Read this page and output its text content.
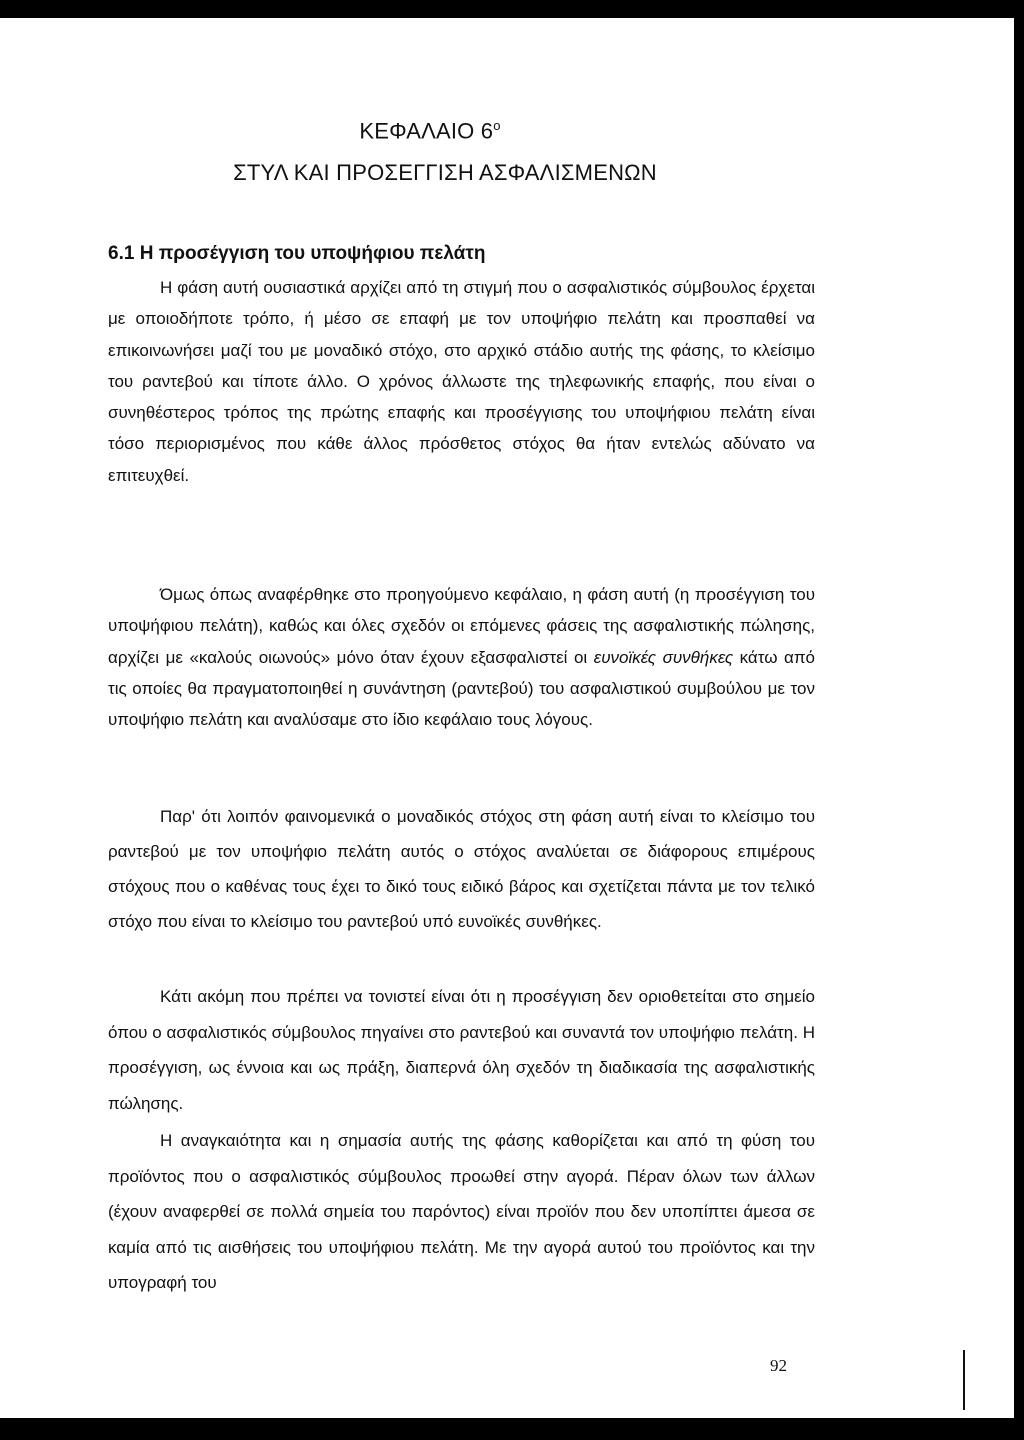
ΚΕΦΑΛΑΙΟ $6^o$
ΣΤΥΛ ΚΑΙ ΠΡΟΣΕΓΓΙΣΗ ΑΣΦΑΛΙΣΜΕΝΩΝ
6.1 Η προσέγγιση του υποψήφιου πελάτη

Η φάση αυτή ουσιαστικά αρχίζει από τη στιγμή που ο ασφαλιστικός σύμβουλος έρχεται με οποιοδήποτε τρόπο, ή μέσο σε επαφή με τον υποψήφιο πελάτη και προσπαθεί να επικοινωνήσει μαζί του με μοναδικό στόχο, στο αρχικό στάδιο αυτής της φάσης, το κλείσιμο του ραντεβού και τίποτε άλλο. Ο χρόνος άλλωστε της τηλεφωνικής επαφής, που είναι ο συνηθέστερος τρόπος της πρώτης επαφής και προσέγγισης του υποψήφιου πελάτη είναι τόσο περιορισμένος που κάθε άλλος πρόσθετος στόχος θα ήταν εντελώς αδύνατο να επιτευχθεί.

Όμως όπως αναφέρθηκε στο προηγούμενο κεφάλαιο, η φάση αυτή (η προσέγγιση του υποψήφιου πελάτη), καθώς και όλες σχεδόν οι επόμενες φάσεις της ασφαλιστικής πώλησης, αρχίζει με «καλούς οιωνούς» μόνο όταν έχουν εξασφαλιστεί οι ευνοϊκές συνθήκες κάτω από τις οποίες θα πραγματοποιηθεί η συνάντηση (ραντεβού) του ασφαλιστικού συμβούλου με τον υποψήφιο πελάτη και αναλύσαμε στο ίδιο κεφάλαιο τους λόγους.

Παρ' ότι λοιπόν φαινομενικά ο μοναδικός στόχος στη φάση αυτή είναι το κλείσιμο του ραντεβού με τον υποψήφιο πελάτη αυτός ο στόχος αναλύεται σε διάφορους επιμέρους στόχους που ο καθένας τους έχει το δικό τους ειδικό βάρος και σχετίζεται πάντα με τον τελικό στόχο που είναι το κλείσιμο του ραντεβού υπό ευνοϊκές συνθήκες.

Κάτι ακόμη που πρέπει να τονιστεί είναι ότι η προσέγγιση δεν οριοθετείται στο σημείο όπου ο ασφαλιστικός σύμβουλος πηγαίνει στο ραντεβού και συναντά τον υποψήφιο πελάτη. Η προσέγγιση, ως έννοια και ως πράξη, διαπερνά όλη σχεδόν τη διαδικασία της ασφαλιστικής πώλησης.

Η αναγκαιότητα και η σημασία αυτής της φάσης καθορίζεται και από τη φύση του προϊόντος που ο ασφαλιστικός σύμβουλος προωθεί στην αγορά. Πέραν όλων των άλλων (έχουν αναφερθεί σε πολλά σημεία του παρόντος) είναι προϊόν που δεν υποπίπτει άμεσα σε καμία από τις αισθήσεις του υποψήφιου πελάτη. Με την αγορά αυτού του προϊόντος και την υπογραφή του

92
